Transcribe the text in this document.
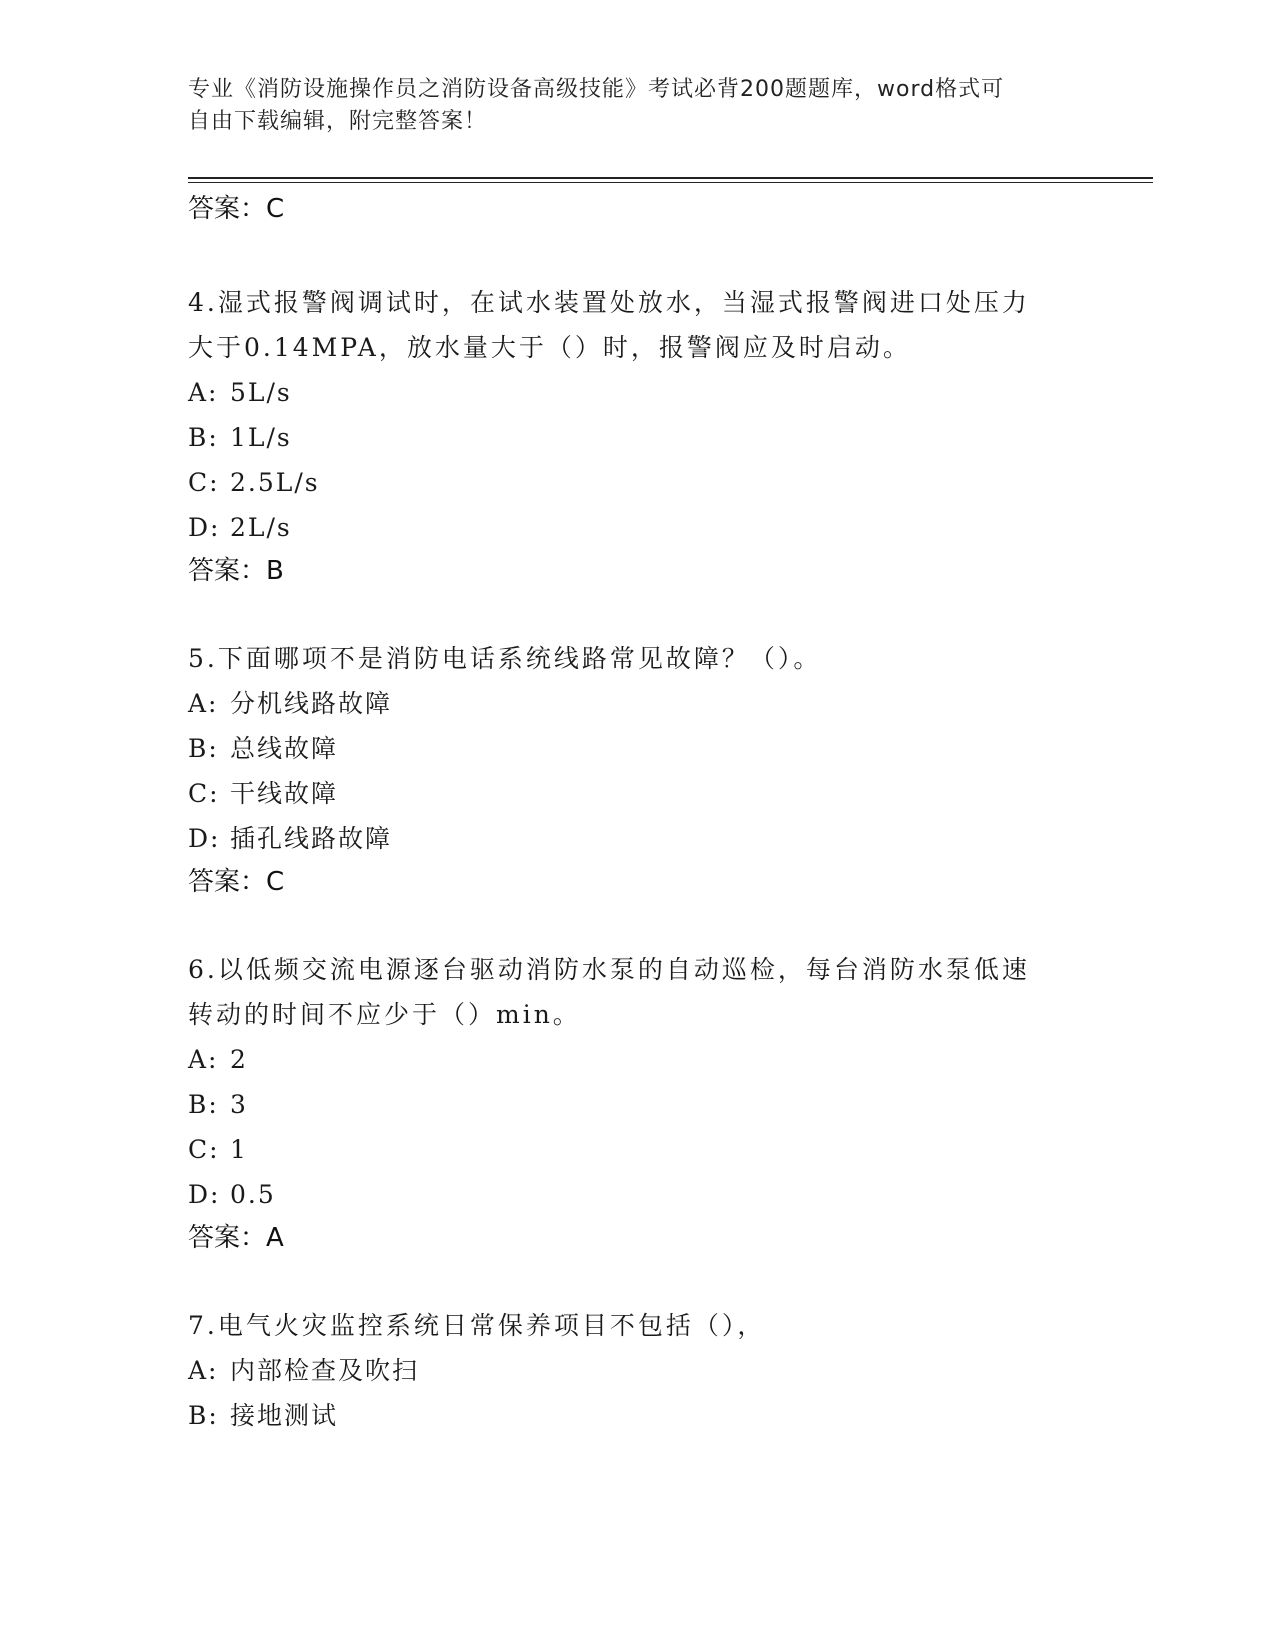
专业《消防设施操作员之消防设备高级技能》考试必背200题题库，word格式可
自由下载编辑，附完整答案！

答案：C

4.湿式报警阀调试时，在试水装置处放水，当湿式报警阀进口处压力

大于0.14MPA，放水量大于（）时，报警阀应及时启动。

A: 5L/s

B: 1L/s

C: 2.5L/s

D: 2L/s

答案：B

5.下面哪项不是消防电话系统线路常见故障？（）。

A: 分机线路故障

B: 总线故障

C: 干线故障

D: 插孔线路故障

答案：C

6.以低频交流电源逐台驱动消防水泵的自动巡检，每台消防水泵低速

转动的时间不应少于（）min。

A: 2

B: 3

C: 1

D: 0.5

答案：A

7.电气火灾监控系统日常保养项目不包括（），

A: 内部检查及吹扫

B: 接地测试
